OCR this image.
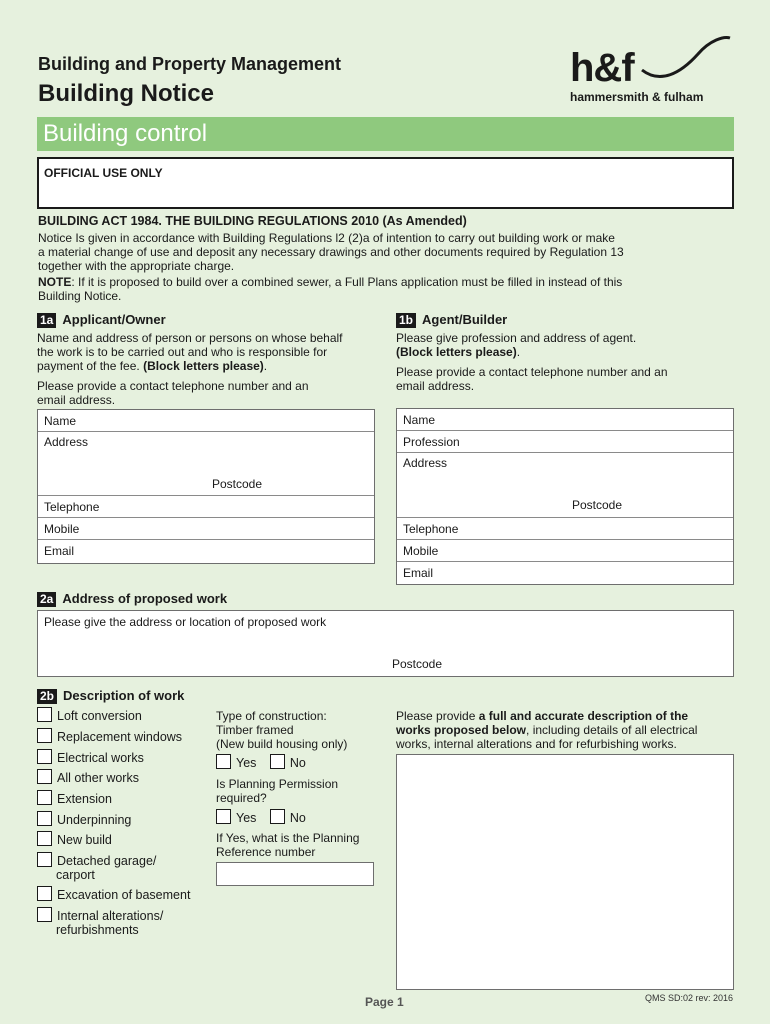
Building and Property Management
Building Notice
h&f
hammersmith & fulham
Building control
OFFICIAL USE ONLY
BUILDING ACT 1984. THE BUILDING REGULATIONS 2010 (As Amended)
Notice Is given in accordance with Building Regulations l2 (2)a of intention to carry out building work or make
a material change of use and deposit any necessary drawings and other documents required by Regulation 13
together with the appropriate charge.
NOTE: If it is proposed to build over a combined sewer, a Full Plans application must be filled in instead of this
Building Notice.
1a Applicant/Owner
Name and address of person or persons on whose behalf
the work is to be carried out and who is responsible for
payment of the fee. (Block letters please).
Please provide a contact telephone number and an
email address.
Name
Address
Postcode
Telephone
Mobile
Email
1b Agent/Builder
Please give profession and address of agent.
(Block letters please).
Please provide a contact telephone number and an
email address.
Name
Profession
Address
Postcode
Telephone
Mobile
Email
2a Address of proposed work
Please give the address or location of proposed work
Postcode
2b Description of work
Loft conversion
Replacement windows
Electrical works
All other works
Extension
Underpinning
New build
Detached garage/
carport
Excavation of basement
Internal alterations/
refurbishments
Type of construction:
Timber framed
(New build housing only)
Yes	No
Is Planning Permission
required?
Yes	No
If Yes, what is the Planning
Reference number
Please provide a full and accurate description of the
works proposed below, including details of all electrical
works, internal alterations and for refurbishing works.
Page 1	QMS SD:02 rev: 2016
